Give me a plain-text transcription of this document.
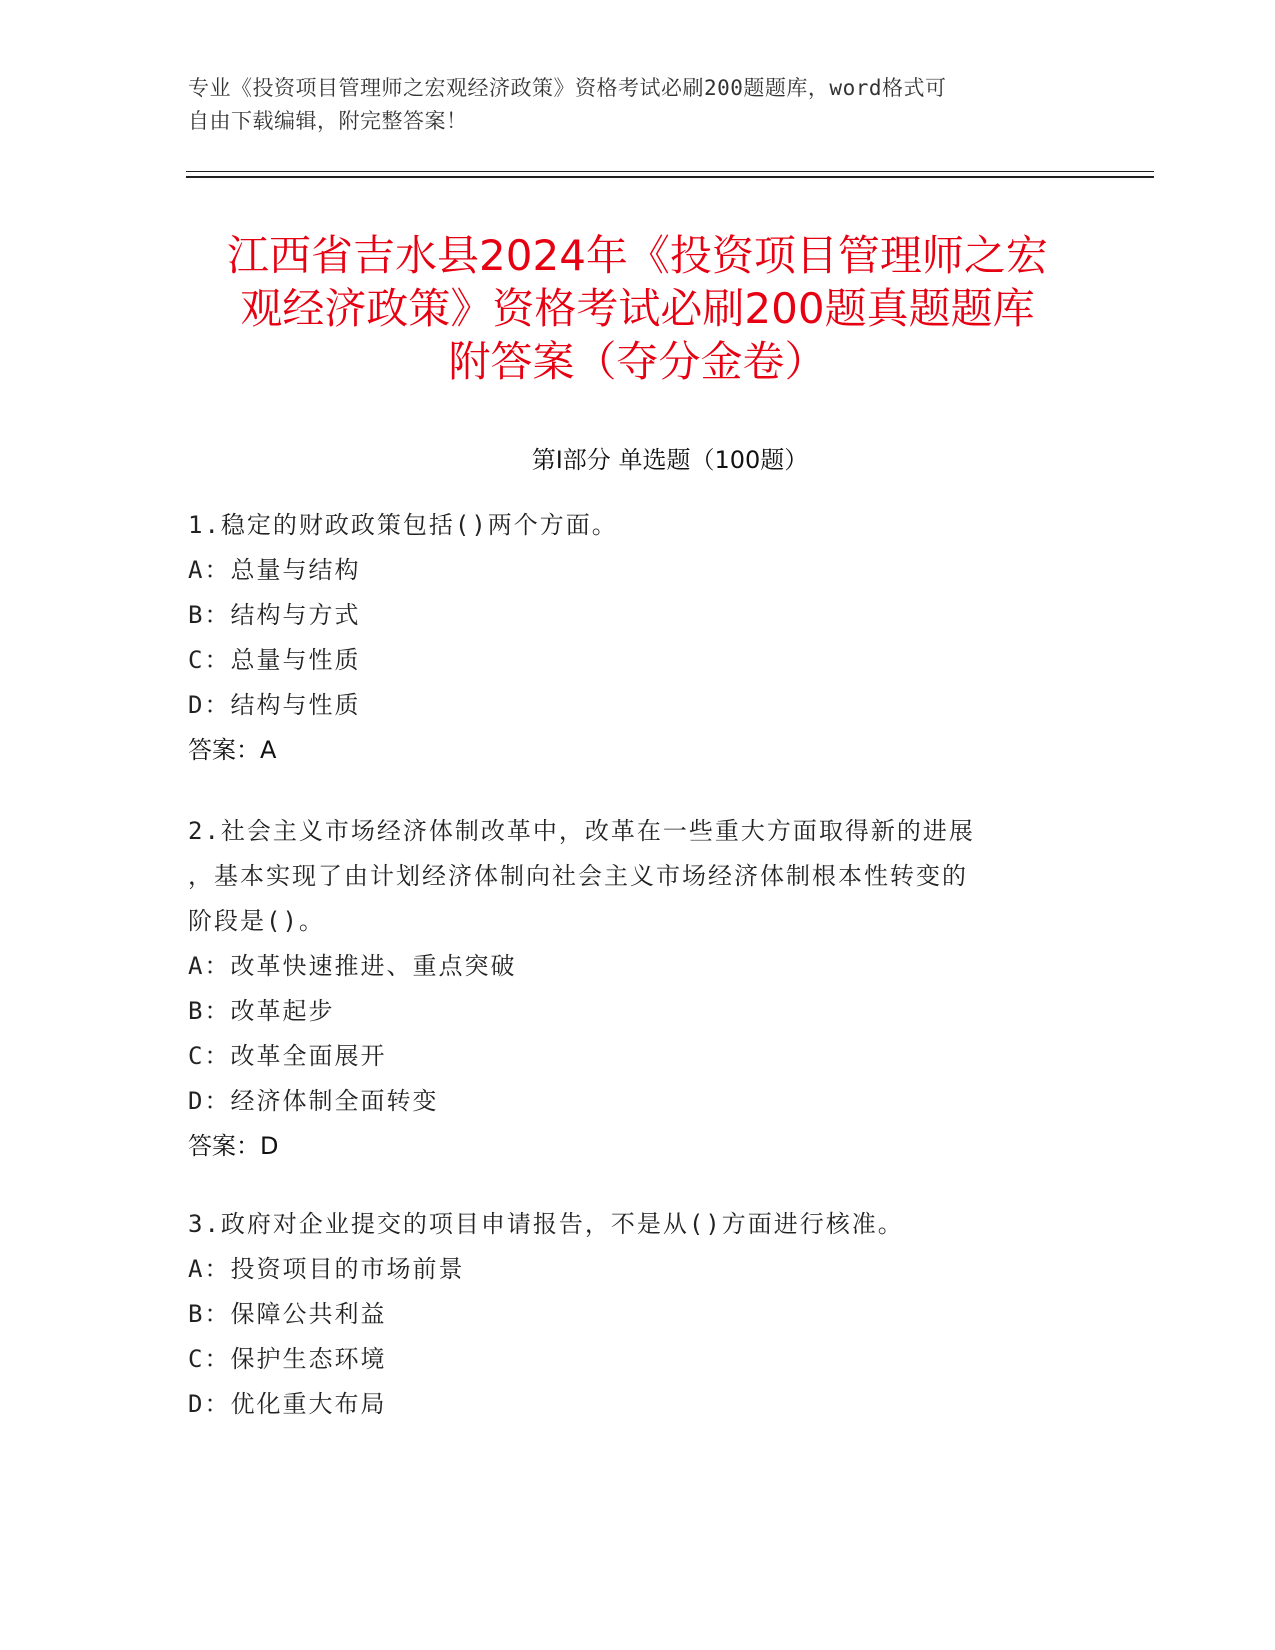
专业《投资项目管理师之宏观经济政策》资格考试必刷200题题库，word格式可
自由下载编辑，附完整答案！
江西省吉水县2024年《投资项目管理师之宏
观经济政策》资格考试必刷200题真题题库
附答案（夺分金卷）
第Ⅰ部分 单选题（100题）
1.稳定的财政政策包括()两个方面。
A：总量与结构
B：结构与方式
C：总量与性质
D：结构与性质
答案：A
2.社会主义市场经济体制改革中，改革在一些重大方面取得新的进展
，基本实现了由计划经济体制向社会主义市场经济体制根本性转变的
阶段是()。
A：改革快速推进、重点突破
B：改革起步
C：改革全面展开
D：经济体制全面转变
答案：D
3.政府对企业提交的项目申请报告，不是从()方面进行核准。
A：投资项目的市场前景
B：保障公共利益
C：保护生态环境
D：优化重大布局
